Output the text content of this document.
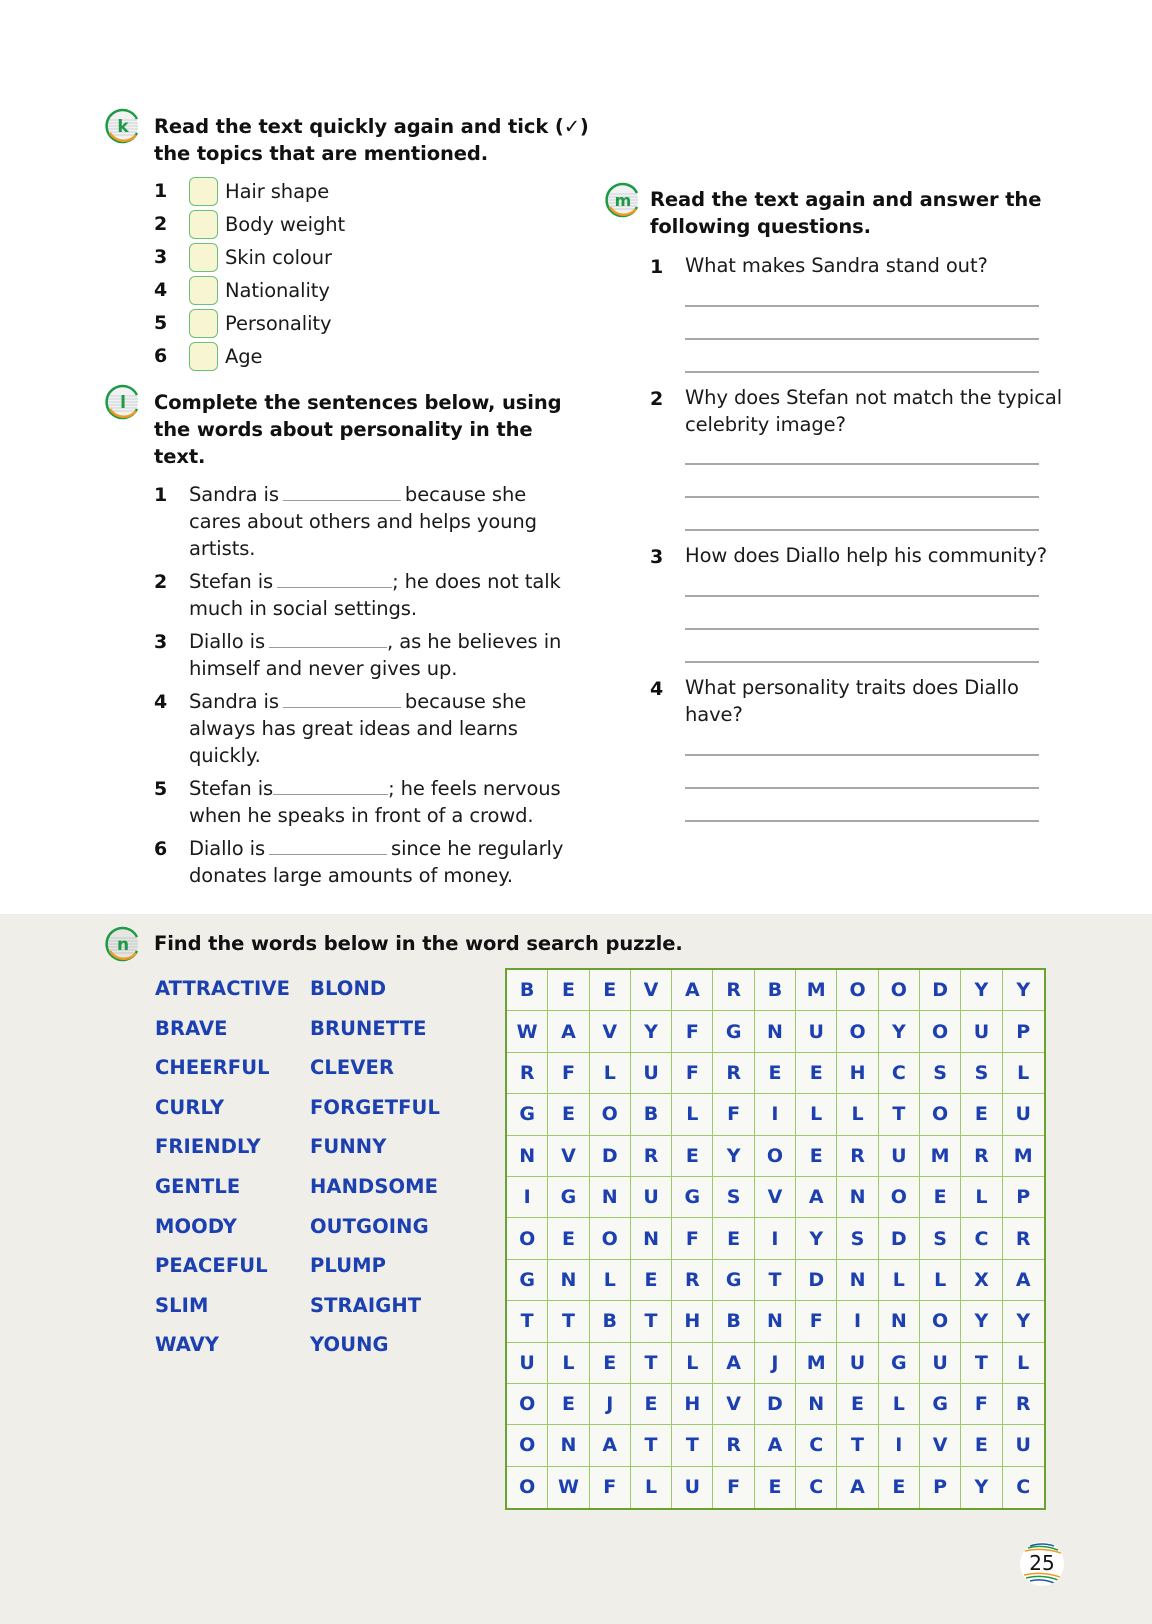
k Read the text quickly again and tick (✓)
the topics that are mentioned.
1	Hair shape
2	Body weight
3	Skin colour
4	Nationality
5	Personality
6	Age
l Complete the sentences below, using
the words about personality in the
text.
1 Sandra is	because she
cares about others and helps young
artists.
2 Stefan is	; he does not talk
much in social settings.
3 Diallo is	, as he believes in
himself and never gives up.
4 Sandra is	because she
always has great ideas and learns
quickly.
5 Stefan is	; he feels nervous
when he speaks in front of a crowd.
6 Diallo is	since he regularly
donates large amounts of money.
m Read the text again and answer the
following questions.
1 What makes Sandra stand out?
2 Why does Stefan not match the typical
celebrity image?
3 How does Diallo help his community?
4 What personality traits does Diallo
have?
n Find the words below in the word search puzzle.
ATTRACTIVE
BRAVE
CHEERFUL
CURLY
FRIENDLY
GENTLE
MOODY
PEACEFUL
SLIM
WAVY
BLOND
BRUNETTE
CLEVER
FORGETFUL
FUNNY
HANDSOME
OUTGOING
PLUMP
STRAIGHT
YOUNG
B	E	E	V	A	R	B	M	O	O	D	Y	Y
W	A	V	Y	F	G	N	U	O	Y	O	U	P
R	F	L	U	F	R	E	E	H	C	S	S	L
G	E	O	B	L	F	I	L	L	T	O	E	U
N	V	D	R	E	Y	O	E	R	U	M	R	M
I	G	N	U	G	S	V	A	N	O	E	L	P
O	E	O	N	F	E	I	Y	S	D	S	C	R
G	N	L	E	R	G	T	D	N	L	L	X	A
T	T	B	T	H	B	N	F	I	N	O	Y	Y
U	L	E	T	L	A	J	M	U	G	U	T	L
O	E	J	E	H	V	D	N	E	L	G	F	R
O	N	A	T	T	R	A	C	T	I	V	E	U
O	W	F	L	U	F	E	C	A	E	P	Y	C
25
